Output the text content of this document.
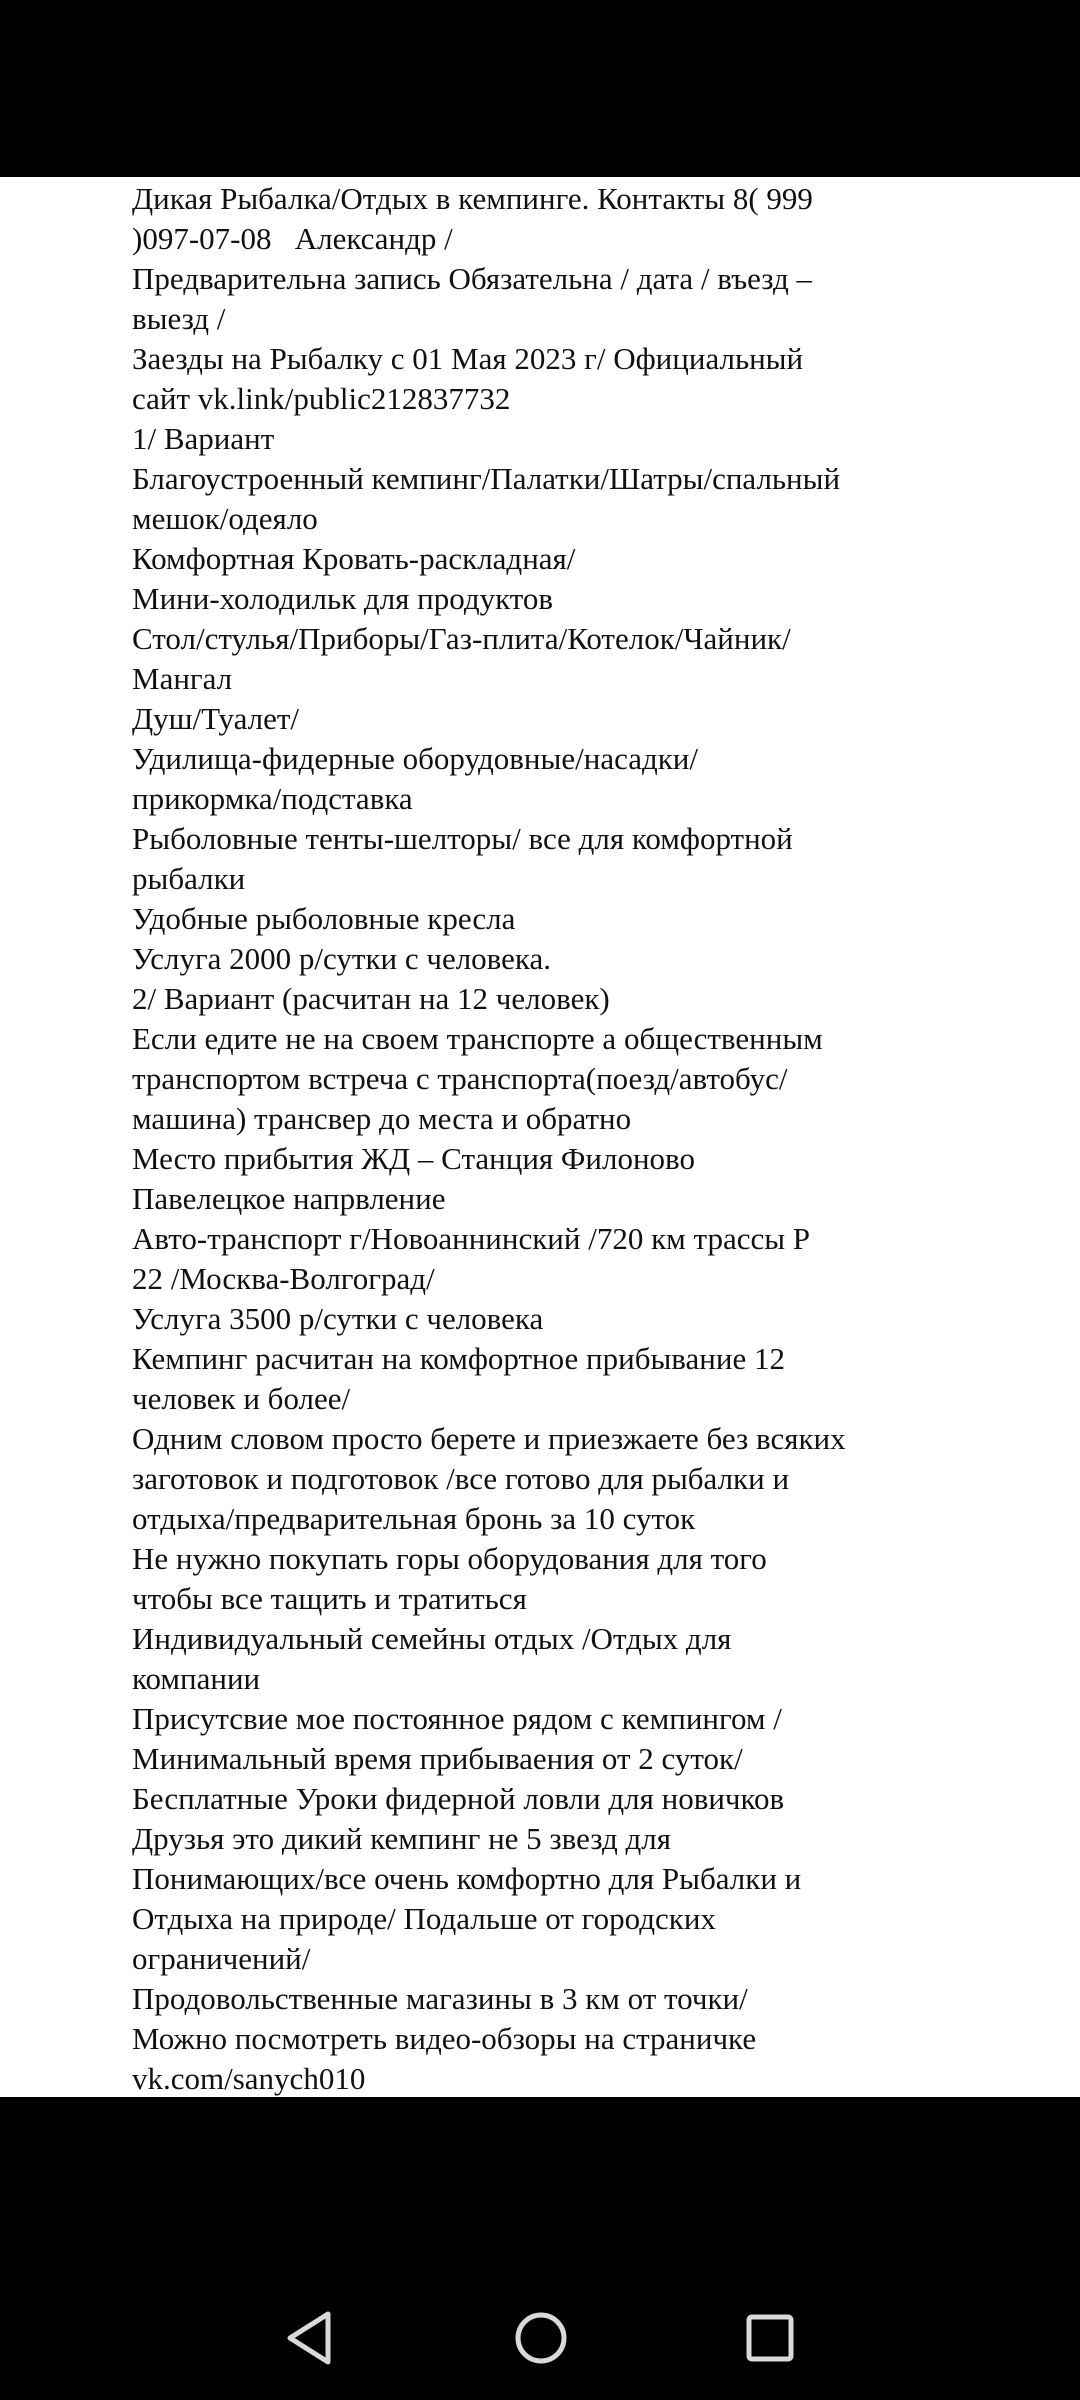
Дикая Рыбалка/Отдых в кемпинге. Контакты 8( 999
)097-07-08   Александр /
Предварительна запись Обязательна / дата / въезд –
выезд /
Заезды на Рыбалку с 01 Мая 2023 г/ Официальный
сайт vk.link/public212837732
1/ Вариант
Благоустроенный кемпинг/Палатки/Шатры/спальный
мешок/одеяло
Комфортная Кровать-раскладная/
Мини-холодильк для продуктов
Стол/стулья/Приборы/Газ-плита/Котелок/Чайник/
Мангал
Душ/Туалет/
Удилища-фидерные оборудовные/насадки/
прикормка/подставка
Рыболовные тенты-шелторы/ все для комфортной
рыбалки
Удобные рыболовные кресла
Услуга 2000 р/сутки с человека.
2/ Вариант (расчитан на 12 человек)
Если едите не на своем транспорте а общественным
транспортом встреча с транспорта(поезд/автобус/
машина) трансвер до места и обратно
Место прибытия ЖД – Станция Филоново
Павелецкое напрвление
Авто-транспорт г/Новоаннинский /720 км трассы Р
22 /Москва-Волгоград/
Услуга 3500 р/сутки с человека
Кемпинг расчитан на комфортное прибывание 12
человек и более/
Одним словом просто берете и приезжаете без всяких
заготовок и подготовок /все готово для рыбалки и
отдыха/предварительная бронь за 10 суток
Не нужно покупать горы оборудования для того
чтобы все тащить и тратиться
Индивидуальный семейны отдых /Отдых для
компании
Присутсвие мое постоянное рядом с кемпингом /
Минимальный время прибываения от 2 суток/
Бесплатные Уроки фидерной ловли для новичков
Друзья это дикий кемпинг не 5 звезд для
Понимающих/все очень комфортно для Рыбалки и
Отдыха на природе/ Подальше от городских
ограничений/
Продовольственные магазины в 3 км от точки/
Можно посмотреть видео-обзоры на страничке
vk.com/sanych010
